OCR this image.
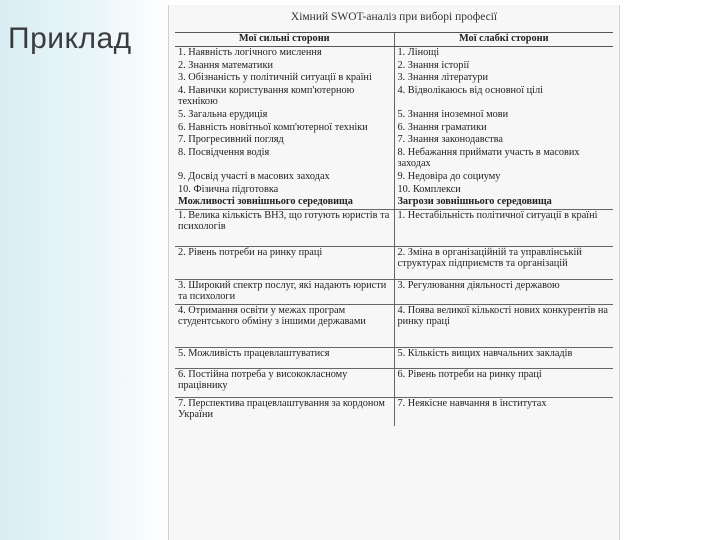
Приклад
Хімний SWOT-аналіз при виборі професії
Мої сильні сторони	Мої слабкі сторони
1. Наявність логічного мислення	1. Лінощі
2. Знання математики	2. Знання історії
3. Обізнаність у політичній ситуації в країні	3. Знання літератури
4. Навички користування комп'ютерною технікою	4. Відволікаюсь від основної цілі
5. Загальна ерудиція	5. Знання іноземної мови
6. Навність новітньої комп'ютерної техніки	6. Знання граматики
7. Прогресивний погляд	7. Знання законодавства
8. Посвідчення водія	8. Небажання приймати участь в масових заходах
9. Досвід участі в масових заходах	9. Недовіра до социуму
10. Фізична підготовка	10. Комплекси
Можливості зовнішнього середовища	Загрози зовнішнього середовища
1. Велика кількість ВНЗ, що готують юристів та психологів	1. Нестабільність політичної ситуації в країні
2. Рівень потреби на ринку праці	2. Зміна в організаційній та управлінській структурах підприємств та організацій
3. Широкий спектр послуг, які надають юристи та психологи	3. Регулювання діяльності державою
4. Отримання освіти у межах програм студентського обміну з іншими державами	4. Поява великої кількості нових конкурентів на ринку праці
5. Можливість працевлаштуватися	5. Кількість вищих навчальних закладів
6. Постійна потреба у висококласному працівнику	6. Рівень потреби на ринку праці
7. Перспектива працевлаштування за кордоном України	7. Неякісне навчання в інститутах
